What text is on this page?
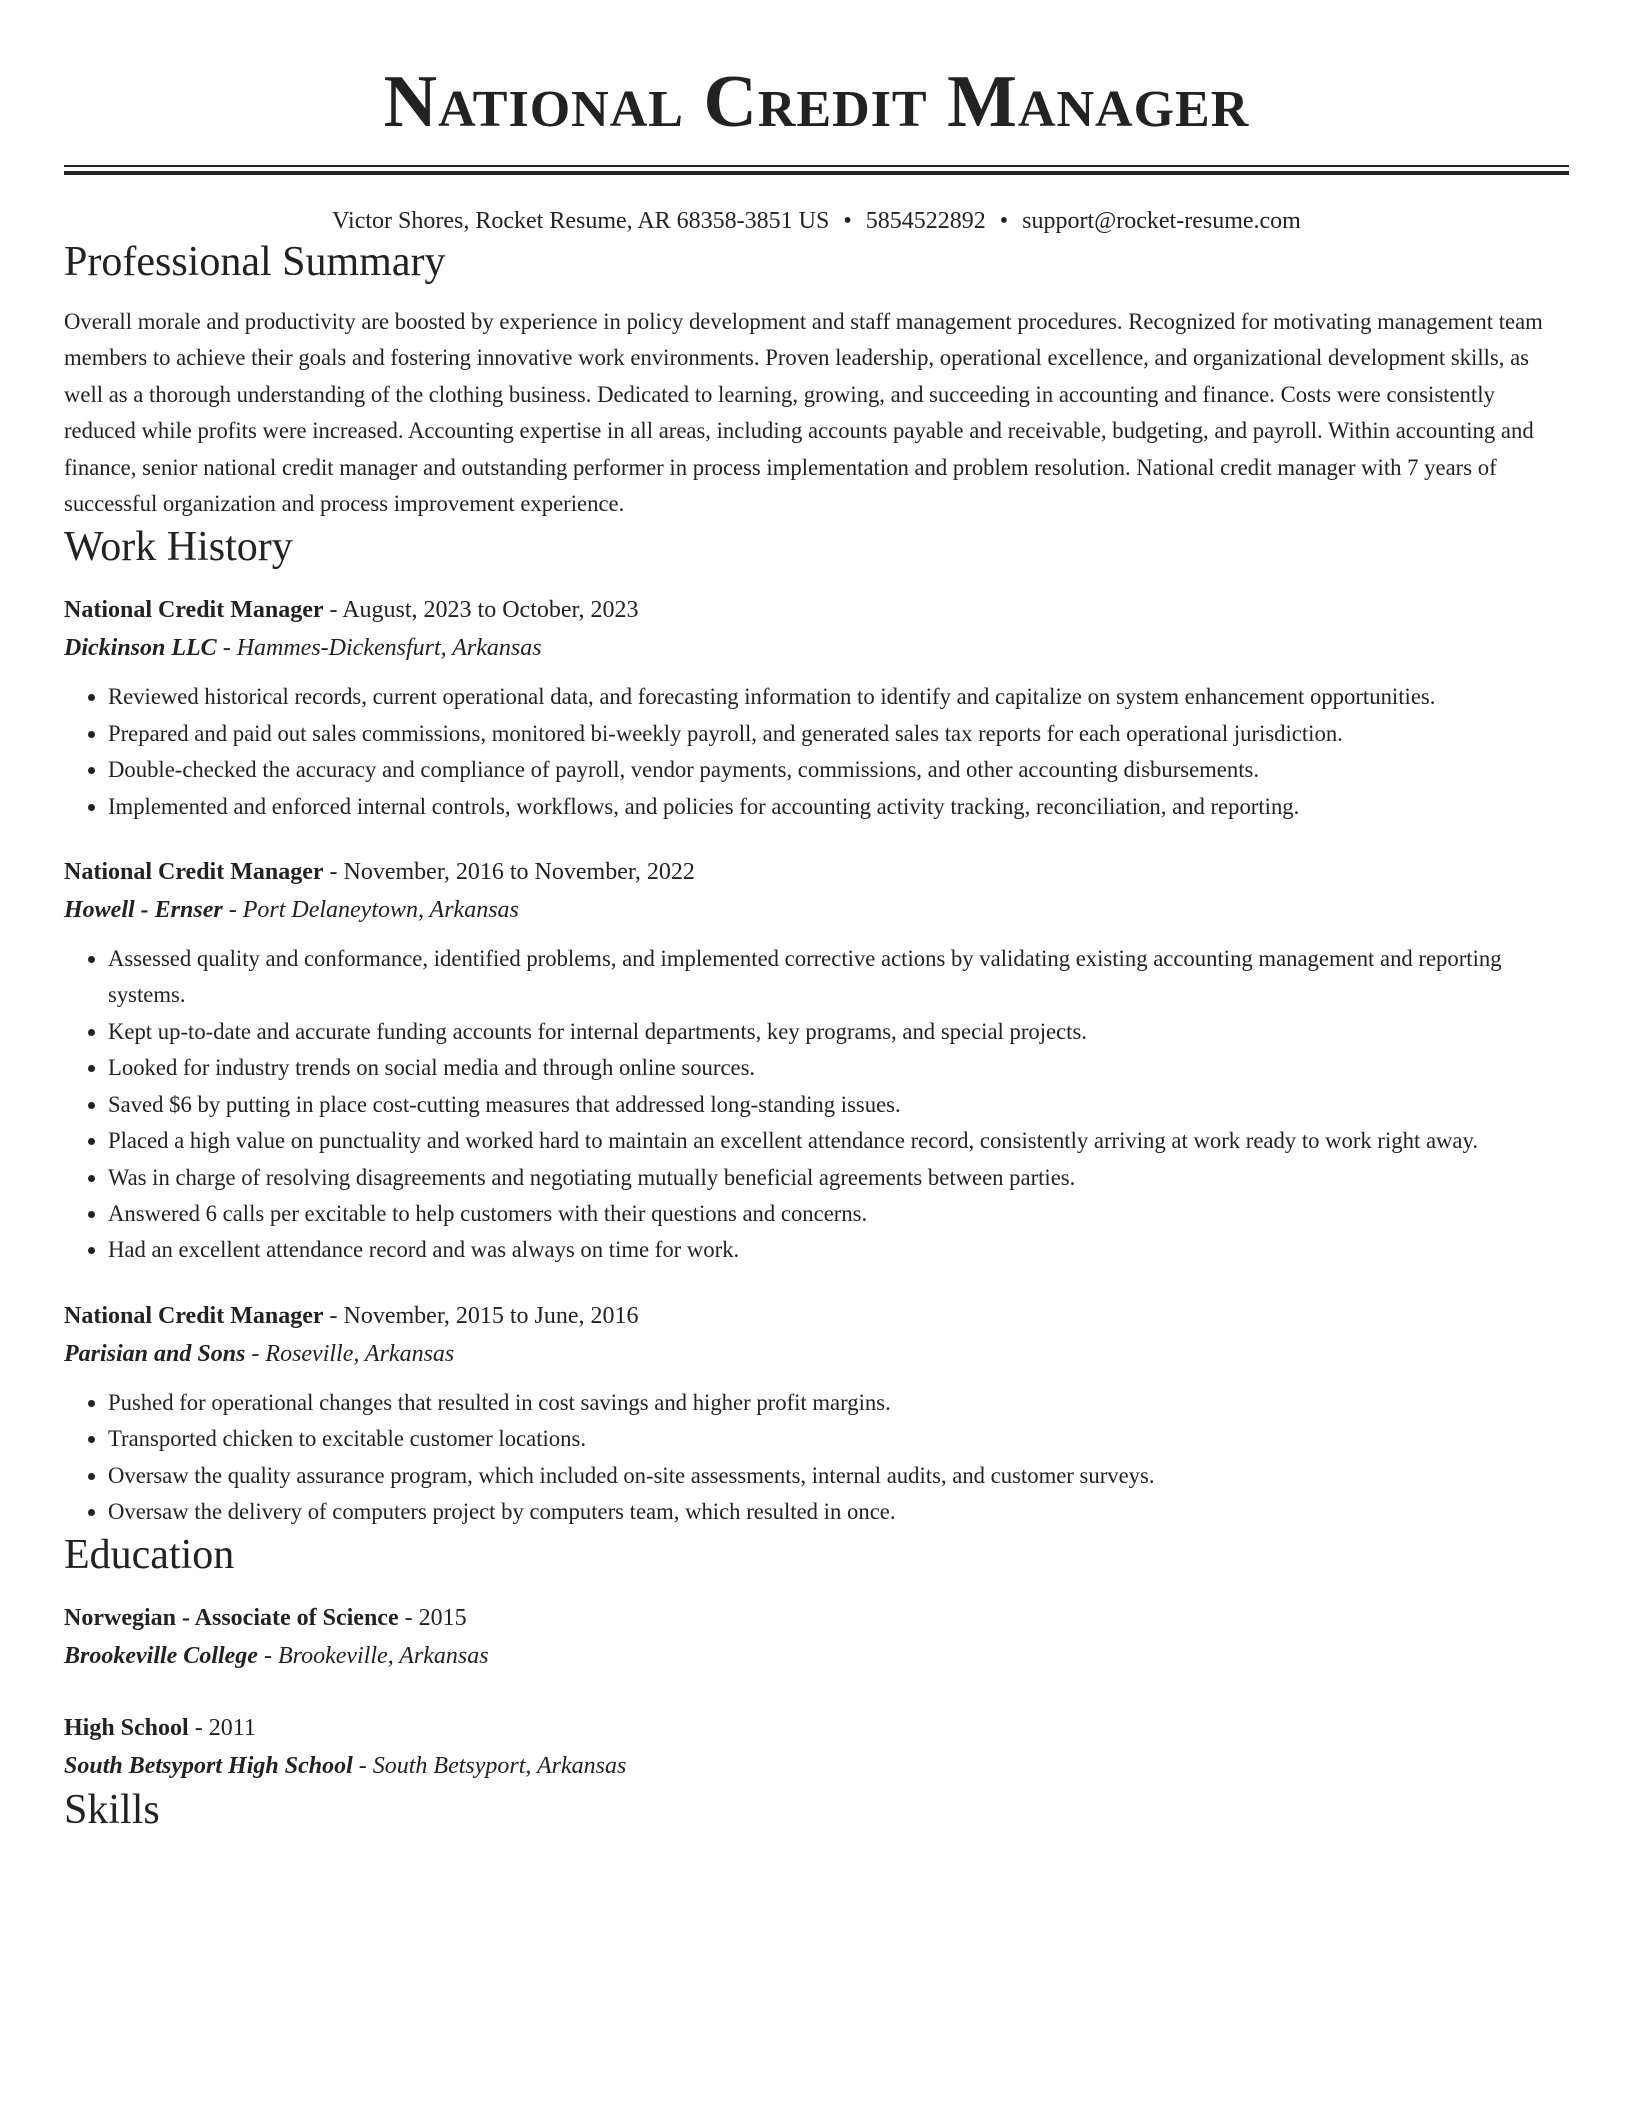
National Credit Manager
Victor Shores, Rocket Resume, AR 68358-3851 US • 5854522892 • support@rocket-resume.com
Professional Summary
Overall morale and productivity are boosted by experience in policy development and staff management procedures. Recognized for motivating management team members to achieve their goals and fostering innovative work environments. Proven leadership, operational excellence, and organizational development skills, as well as a thorough understanding of the clothing business. Dedicated to learning, growing, and succeeding in accounting and finance. Costs were consistently reduced while profits were increased. Accounting expertise in all areas, including accounts payable and receivable, budgeting, and payroll. Within accounting and finance, senior national credit manager and outstanding performer in process implementation and problem resolution. National credit manager with 7 years of successful organization and process improvement experience.
Work History
National Credit Manager - August, 2023 to October, 2023
Dickinson LLC - Hammes-Dickensfurt, Arkansas
• Reviewed historical records, current operational data, and forecasting information to identify and capitalize on system enhancement opportunities.
• Prepared and paid out sales commissions, monitored bi-weekly payroll, and generated sales tax reports for each operational jurisdiction.
• Double-checked the accuracy and compliance of payroll, vendor payments, commissions, and other accounting disbursements.
• Implemented and enforced internal controls, workflows, and policies for accounting activity tracking, reconciliation, and reporting.
National Credit Manager - November, 2016 to November, 2022
Howell - Ernser - Port Delaneytown, Arkansas
• Assessed quality and conformance, identified problems, and implemented corrective actions by validating existing accounting management and reporting systems.
• Kept up-to-date and accurate funding accounts for internal departments, key programs, and special projects.
• Looked for industry trends on social media and through online sources.
• Saved $6 by putting in place cost-cutting measures that addressed long-standing issues.
• Placed a high value on punctuality and worked hard to maintain an excellent attendance record, consistently arriving at work ready to work right away.
• Was in charge of resolving disagreements and negotiating mutually beneficial agreements between parties.
• Answered 6 calls per excitable to help customers with their questions and concerns.
• Had an excellent attendance record and was always on time for work.
National Credit Manager - November, 2015 to June, 2016
Parisian and Sons - Roseville, Arkansas
• Pushed for operational changes that resulted in cost savings and higher profit margins.
• Transported chicken to excitable customer locations.
• Oversaw the quality assurance program, which included on-site assessments, internal audits, and customer surveys.
• Oversaw the delivery of computers project by computers team, which resulted in once.
Education
Norwegian - Associate of Science - 2015
Brookeville College - Brookeville, Arkansas
High School - 2011
South Betsyport High School - South Betsyport, Arkansas
Skills
